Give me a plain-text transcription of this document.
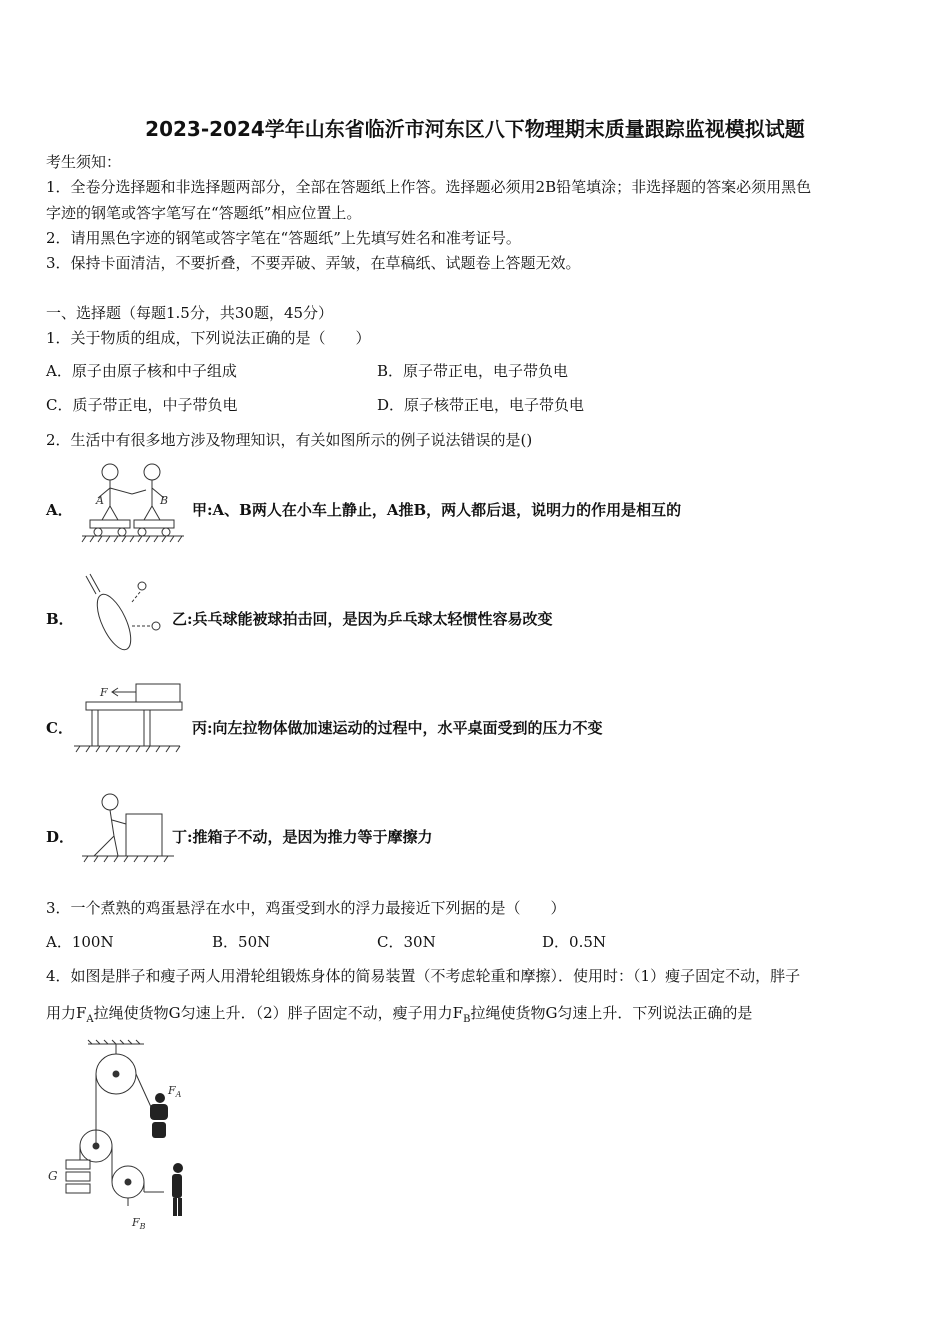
2023-2024学年山东省临沂市河东区八下物理期末质量跟踪监视模拟试题
考生须知：
1．全卷分选择题和非选择题两部分，全部在答题纸上作答。选择题必须用2B铅笔填涂；非选择题的答案必须用黑色
字迹的钢笔或答字笔写在“答题纸”相应位置上。
2．请用黑色字迹的钢笔或答字笔在“答题纸”上先填写姓名和准考证号。
3．保持卡面清洁，不要折叠，不要弄破、弄皱，在草稿纸、试题卷上答题无效。
一、选择题（每题1.5分，共30题，45分）
1．关于物质的组成，下列说法正确的是（　　）
A．原子由原子核和中子组成	B．原子带正电，电子带负电
C．质子带正电，中子带负电	D．原子核带正电，电子带负电
2．生活中有很多地方涉及物理知识，有关如图所示的例子说法错误的是()
A．
A	B
甲:A、B两人在小车上静止，A推B，两人都后退，说明力的作用是相互的
B．	乙:兵乓球能被球拍击回，是因为乒乓球太轻惯性容易改变
C．
F
丙:向左拉物体做加速运动的过程中，水平桌面受到的压力不变
D．	丁:推箱子不动，是因为推力等于摩擦力
3．一个煮熟的鸡蛋悬浮在水中，鸡蛋受到水的浮力最接近下列据的是（　　）
A．100N	B．50N	C．30N	D．0.5N
4．如图是胖子和瘦子两人用滑轮组锻炼身体的简易装置（不考虑轮重和摩擦）．使用时：（1）瘦子固定不动，胖子
用力$F_A$拉绳使货物G匀速上升．（2）胖子固定不动，瘦子用力$F_B$拉绳使货物G匀速上升．下列说法正确的是
G
$F_A$
$F_B$
